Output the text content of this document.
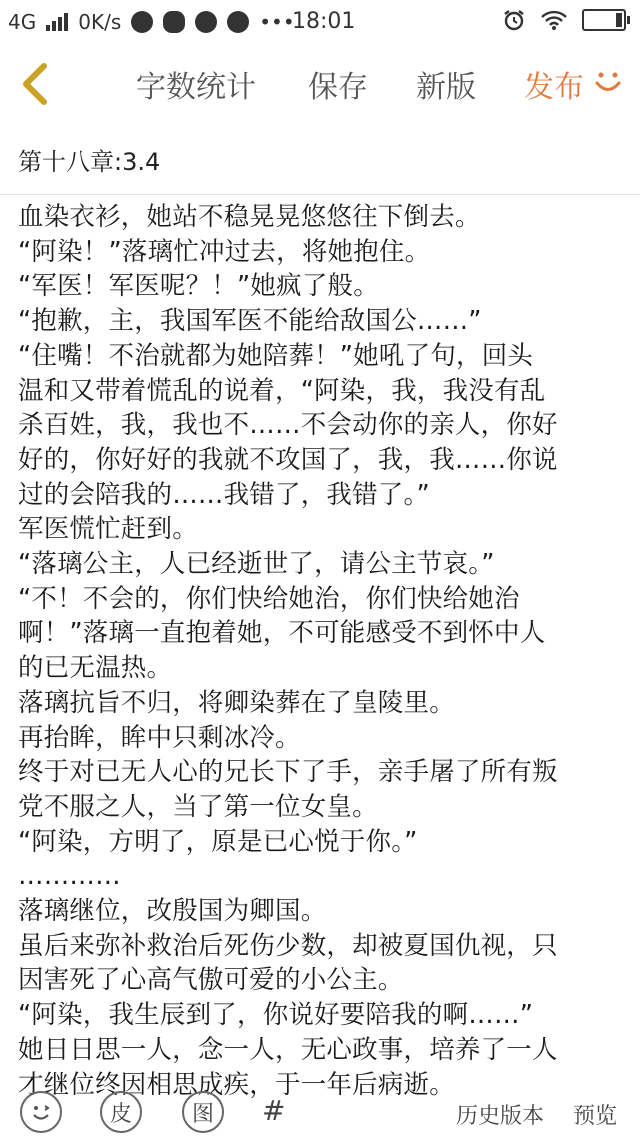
4G 0K/s	•••
18:01
字数统计 保存 新版 发布
第十八章:3.4

血染衣衫，她站不稳晃晃悠悠往下倒去。

“阿染！”落璃忙冲过去，将她抱住。

“军医！军医呢？！”她疯了般。

“抱歉，主，我国军医不能给敌国公……”

“住嘴！不治就都为她陪葬！”她吼了句，回头

温和又带着慌乱的说着，“阿染，我，我没有乱

杀百姓，我，我也不……不会动你的亲人，你好

好的，你好好的我就不攻国了，我，我……你说

过的会陪我的……我错了，我错了。”

军医慌忙赶到。

“落璃公主，人已经逝世了，请公主节哀。”

“不！不会的，你们快给她治，你们快给她治

啊！”落璃一直抱着她，不可能感受不到怀中人

的已无温热。

落璃抗旨不归，将卿染葬在了皇陵里。

再抬眸，眸中只剩冰冷。

终于对已无人心的兄长下了手，亲手屠了所有叛

党不服之人，当了第一位女皇。

“阿染，方明了，原是已心悦于你。”

…………

落璃继位，改殷国为卿国。

虽后来弥补救治后死伤少数，却被夏国仇视，只

因害死了心高气傲可爱的小公主。

“阿染，我生辰到了，你说好要陪我的啊……”

她日日思一人，念一人，无心政事，培养了一人

才继位终因相思成疾，于一年后病逝。

皮	图 #	历史版本 预览
